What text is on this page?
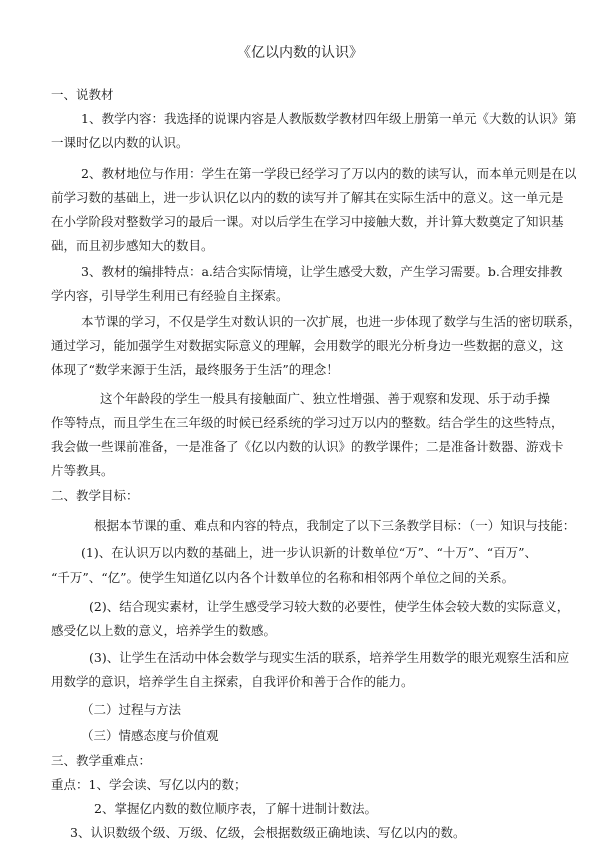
《亿以内数的认识》
一、说教材
1、教学内容：我选择的说课内容是人教版数学教材四年级上册第一单元《大数的认识》第
一课时亿以内数的认识。
2、教材地位与作用：学生在第一学段已经学习了万以内的数的读写认，而本单元则是在以
前学习数的基础上，进一步认识亿以内的数的读写并了解其在实际生活中的意义。这一单元是
在小学阶段对整数学习的最后一课。对以后学生在学习中接触大数，并计算大数奠定了知识基
础，而且初步感知大的数目。
3、教材的编排特点：a.结合实际情境，让学生感受大数，产生学习需要。b.合理安排教
学内容，引导学生利用已有经验自主探索。
本节课的学习，不仅是学生对数认识的一次扩展，也进一步体现了数学与生活的密切联系，
通过学习，能加强学生对数据实际意义的理解，会用数学的眼光分析身边一些数据的意义，这
体现了“数学来源于生活，最终服务于生活”的理念！
这个年龄段的学生一般具有接触面广、独立性增强、善于观察和发现、乐于动手操
作等特点，而且学生在三年级的时候已经系统的学习过万以内的整数。结合学生的这些特点，
我会做一些课前准备，一是准备了《亿以内数的认识》的教学课件；二是准备计数器、游戏卡
片等教具。
二、教学目标：
根据本节课的重、难点和内容的特点，我制定了以下三条教学目标：（一）知识与技能：
(1)、在认识万以内数的基础上，进一步认识新的计数单位“万”、“十万”、“百万”、
“千万”、“亿”。使学生知道亿以内各个计数单位的名称和相邻两个单位之间的关系。
(2)、结合现实素材，让学生感受学习较大数的必要性，使学生体会较大数的实际意义，
感受亿以上数的意义，培养学生的数感。
(3)、让学生在活动中体会数学与现实生活的联系，培养学生用数学的眼光观察生活和应
用数学的意识，培养学生自主探索，自我评价和善于合作的能力。
（二）过程与方法
（三）情感态度与价值观
三、教学重难点：
重点：1、学会读、写亿以内的数；
2、掌握亿内数的数位顺序表，了解十进制计数法。
3、认识数级个级、万级、亿级，会根据数级正确地读、写亿以内的数。
